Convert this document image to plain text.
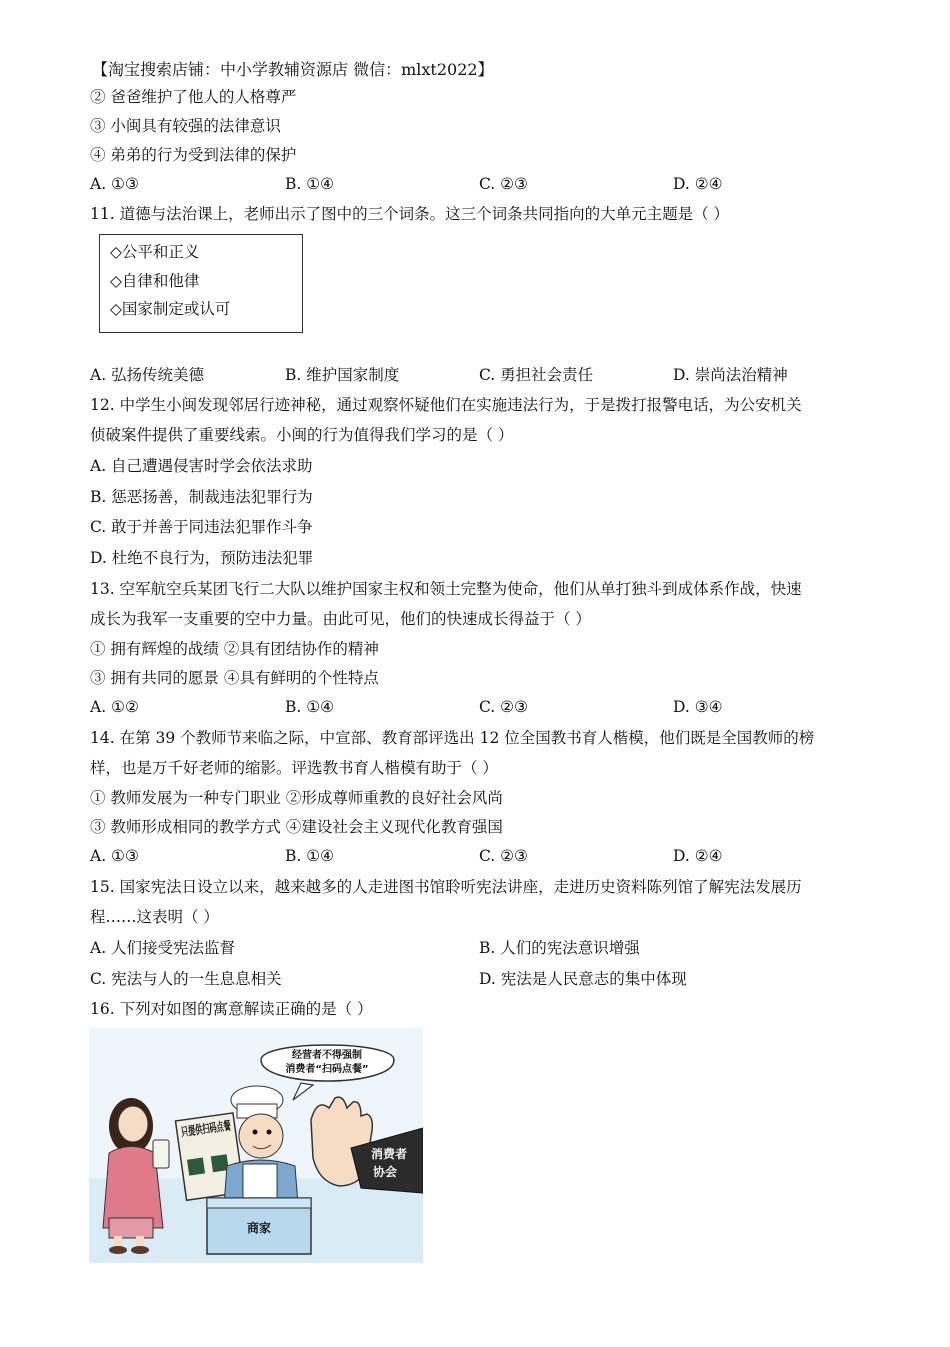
【淘宝搜索店铺：中小学教辅资源店 微信：mlxt2022】
② 爸爸维护了他人的人格尊严
③ 小闽具有较强的法律意识
④ 弟弟的行为受到法律的保护
A. ①③	B. ①④	C. ②③	D. ②④
11. 道德与法治课上，老师出示了图中的三个词条。这三个词条共同指向的大单元主题是（ ）
◇公平和正义
◇自律和他律
◇国家制定或认可
A. 弘扬传统美德	B. 维护国家制度	C. 勇担社会责任	D. 崇尚法治精神
12. 中学生小闽发现邻居行迹神秘，通过观察怀疑他们在实施违法行为，于是拨打报警电话，为公安机关
侦破案件提供了重要线索。小闽的行为值得我们学习的是（ ）
A. 自己遭遇侵害时学会依法求助
B. 惩恶扬善，制裁违法犯罪行为
C. 敢于并善于同违法犯罪作斗争
D. 杜绝不良行为，预防违法犯罪
13. 空军航空兵某团飞行二大队以维护国家主权和领土完整为使命，他们从单打独斗到成体系作战，快速
成长为我军一支重要的空中力量。由此可见，他们的快速成长得益于（ ）
① 拥有辉煌的战绩 ②具有团结协作的精神
③ 拥有共同的愿景 ④具有鲜明的个性特点
A. ①②	B. ①④	C. ②③	D. ③④
14. 在第 39 个教师节来临之际，中宣部、教育部评选出 12 位全国教书育人楷模，他们既是全国教师的榜
样，也是万千好老师的缩影。评选教书育人楷模有助于（ ）
① 教师发展为一种专门职业 ②形成尊师重教的良好社会风尚
③ 教师形成相同的教学方式 ④建设社会主义现代化教育强国
A. ①③	B. ①④	C. ②③	D. ②④
15. 国家宪法日设立以来，越来越多的人走进图书馆聆听宪法讲座，走进历史资料陈列馆了解宪法发展历
程……这表明（ ）
A. 人们接受宪法监督	B. 人们的宪法意识增强
C. 宪法与人的一生息息相关	D. 宪法是人民意志的集中体现
16. 下列对如图的寓意解读正确的是（ ）
经营者不得强制
消费者“扫码点餐”
只提供扫码点餐
商家
消费者
协会
